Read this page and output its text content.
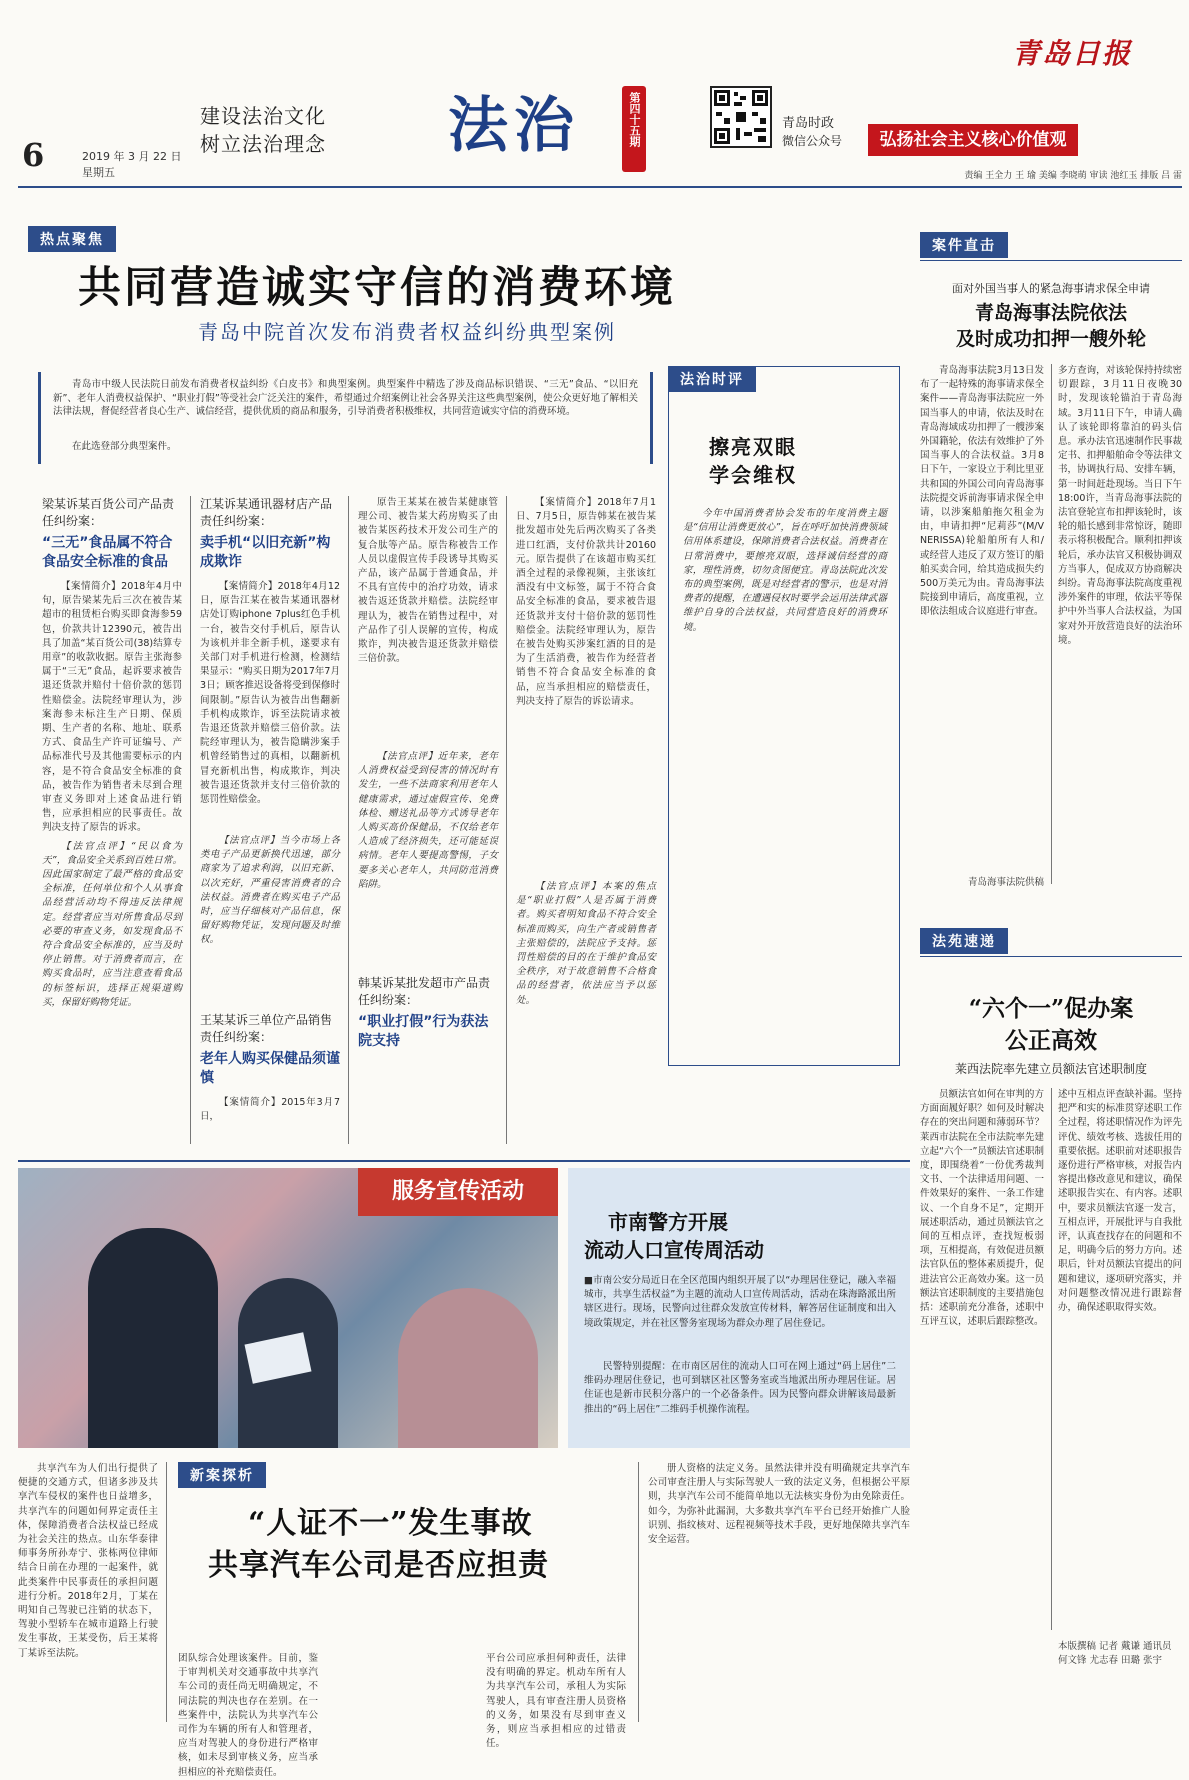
6	2019 年 3 月 22 日
星期五
建设法治文化
树立法治理念 法治	第四十五期	青岛时政
微信公众号	弘扬社会主义核心价值观
青岛日报
责编 王全力 王 瑜 美编 李晓萌 审读 池红玉 排版 吕 雷
热点聚焦
共同营造诚实守信的消费环境
青岛中院首次发布消费者权益纠纷典型案例
青岛市中级人民法院日前发布消费者权益纠纷《白皮书》和典型案例。典型案件中精选了涉及商品标识错误、“三无”食品、“以旧充新”、老年人消费权益保护、“职业打假”等受社会广泛关注的案件，希望通过介绍案例让社会各界关注这些典型案例，使公众更好地了解相关法律法规，督促经营者良心生产、诚信经营，提供优质的商品和服务，引导消费者积极维权，共同营造诚实守信的消费环境。
在此选登部分典型案件。
梁某诉某百货公司产品责任纠纷案：
“三无”食品属不符合食品安全标准的食品
【案情简介】2018年4月中旬，原告梁某先后三次在被告某超市的租赁柜台购买即食海参59包，价款共计12390元，被告出具了加盖“某百货公司(38)结算专用章”的收款收据。原告主张海参属于“三无”食品，起诉要求被告退还货款并赔付十倍价款的惩罚性赔偿金。法院经审理认为，涉案海参未标注生产日期、保质期、生产者的名称、地址、联系方式、食品生产许可证编号、产品标准代号及其他需要标示的内容，是不符合食品安全标准的食品，被告作为销售者未尽到合理审查义务即对上述食品进行销售，应承担相应的民事责任。故判决支持了原告的诉求。
【法官点评】“民以食为天”，食品安全关系到百姓日常。因此国家制定了最严格的食品安全标准，任何单位和个人从事食品经营活动均不得违反法律规定。经营者应当对所售食品尽到必要的审查义务，如发现食品不符合食品安全标准的，应当及时停止销售。对于消费者而言，在购买食品时，应当注意查看食品的标签标识，选择正规渠道购买，保留好购物凭证。
江某诉某通讯器材店产品责任纠纷案：
卖手机“以旧充新”构成欺诈
【案情简介】2018年4月12日，原告江某在被告某通讯器材店处订购iphone 7plus红色手机一台，被告交付手机后，原告认为该机并非全新手机，遂要求有关部门对手机进行检测，检测结果显示：“购买日期为2017年7月3日；顾客推迟设备将受到保修时间限制。”原告认为被告出售翻新手机构成欺诈，诉至法院请求被告退还货款并赔偿三倍价款。法院经审理认为，被告隐瞒涉案手机曾经销售过的真相，以翻新机冒充新机出售，构成欺诈，判决被告退还货款并支付三倍价款的惩罚性赔偿金。
【法官点评】当今市场上各类电子产品更新换代迅速，部分商家为了追求利润，以旧充新、以次充好，严重侵害消费者的合法权益。消费者在购买电子产品时，应当仔细核对产品信息，保留好购物凭证，发现问题及时维权。
王某某诉三单位产品销售责任纠纷案：
老年人购买保健品须谨慎
【案情简介】2015年3月7日，
原告王某某在被告某健康管理公司、被告某大药房购买了由被告某医药技术开发公司生产的复合肽等产品。原告称被告工作人员以虚假宣传手段诱导其购买产品，该产品属于普通食品，并不具有宣传中的治疗功效，请求被告返还货款并赔偿。法院经审理认为，被告在销售过程中，对产品作了引人误解的宣传，构成欺诈，判决被告退还货款并赔偿三倍价款。
【法官点评】近年来，老年人消费权益受到侵害的情况时有发生，一些不法商家利用老年人健康需求，通过虚假宣传、免费体检、赠送礼品等方式诱导老年人购买高价保健品，不仅给老年人造成了经济损失，还可能延误病情。老年人要提高警惕，子女要多关心老年人，共同防范消费陷阱。
韩某诉某批发超市产品责任纠纷案：
“职业打假”行为获法院支持
【案情简介】2018年7月1日、7月5日，原告韩某在被告某批发超市处先后两次购买了各类进口红酒，支付价款共计20160元。原告提供了在该超市购买红酒全过程的录像视频，主张该红酒没有中文标签，属于不符合食品安全标准的食品，要求被告退还货款并支付十倍价款的惩罚性赔偿金。法院经审理认为，原告在被告处购买涉案红酒的目的是为了生活消费，被告作为经营者销售不符合食品安全标准的食品，应当承担相应的赔偿责任，判决支持了原告的诉讼请求。
【法官点评】本案的焦点是“职业打假”人是否属于消费者。购买者明知食品不符合安全标准而购买，向生产者或销售者主张赔偿的，法院应予支持。惩罚性赔偿的目的在于维护食品安全秩序，对于故意销售不合格食品的经营者，依法应当予以惩处。
法治时评
擦亮双眼
学会维权
今年中国消费者协会发布的年度消费主题是“信用让消费更放心”，旨在呼吁加快消费领域信用体系建设，保障消费者合法权益。消费者在日常消费中，要擦亮双眼，选择诚信经营的商家，理性消费，切勿贪图便宜。青岛法院此次发布的典型案例，既是对经营者的警示，也是对消费者的提醒，在遭遇侵权时要学会运用法律武器维护自身的合法权益，共同营造良好的消费环境。
案件直击
面对外国当事人的紧急海事请求保全申请
青岛海事法院依法
及时成功扣押一艘外轮
青岛海事法院3月13日发布了一起特殊的海事请求保全案件——青岛海事法院应一外国当事人的申请，依法及时在青岛海域成功扣押了一艘涉案外国籍轮，依法有效维护了外国当事人的合法权益。3月8日下午，一家设立于利比里亚共和国的外国公司向青岛海事法院提交诉前海事请求保全申请，以涉案船舶拖欠租金为由，申请扣押“尼莉莎”(M/V NERISSA)轮船舶所有人和/或经营人违反了双方签订的船舶买卖合同，给其造成损失约500万美元为由。青岛海事法院接到申请后，高度重视，立即依法组成合议庭进行审查。
多方查询，对该轮保持持续密切跟踪，3月11日夜晚30时，发现该轮锚泊于青岛海域。3月11日下午，申请人确认了该轮即将靠泊的码头信息。承办法官迅速制作民事裁定书、扣押船舶命令等法律文书，协调执行局、安排车辆，第一时间赶赴现场。当日下午18:00许，当青岛海事法院的法官登轮宣布扣押该轮时，该轮的船长感到非常惊讶，随即表示将积极配合。顺利扣押该轮后，承办法官又积极协调双方当事人，促成双方协商解决纠纷。青岛海事法院高度重视涉外案件的审理，依法平等保护中外当事人合法权益，为国家对外开放营造良好的法治环境。
青岛海事法院供稿
法苑速递
“六个一”促办案
公正高效
莱西法院率先建立员额法官述职制度
员额法官如何在审判的方方面面履好职？如何及时解决存在的突出问题和薄弱环节？莱西市法院在全市法院率先建立起“六个一”员额法官述职制度，即围绕着“一份优秀裁判文书、一个法律适用问题、一件效果好的案件、一条工作建议、一个自身不足”，定期开展述职活动，通过员额法官之间的互相点评，查找短板弱项，互相提高，有效促进员额法官队伍的整体素质提升，促进法官公正高效办案。这一员额法官述职制度的主要措施包括：述职前充分准备，述职中互评互议，述职后跟踪整改。
述中互相点评查缺补漏。坚持把严和实的标准贯穿述职工作全过程，将述职情况作为评先评优、绩效考核、选拔任用的重要依据。述职前对述职报告逐份进行严格审核，对报告内容提出修改意见和建议，确保述职报告实在、有内容。述职中，要求员额法官逐一发言，互相点评，开展批评与自我批评，认真查找存在的问题和不足，明确今后的努力方向。述职后，针对员额法官提出的问题和建议，逐项研究落实，并对问题整改情况进行跟踪督办，确保述职取得实效。
本版撰稿 记者 戴谦 通讯员 何文锋 尤志春 田璐 张宇
服务宣传活动
市南警方开展
流动人口宣传周活动
■市南公安分局近日在全区范围内组织开展了以“办理居住登记，融入幸福城市，共享生活权益”为主题的流动人口宣传周活动，活动在珠海路派出所辖区进行。现场，民警向过往群众发放宣传材料，解答居住证制度和出入境政策规定，并在社区警务室现场为群众办理了居住登记。
民警特别提醒：在市南区居住的流动人口可在网上通过“码上居住”二维码办理居住登记，也可到辖区社区警务室或当地派出所办理居住证。居住证也是新市民积分落户的一个必备条件。因为民警向群众讲解该局最新推出的“码上居住”二维码手机操作流程。
共享汽车为人们出行提供了便捷的交通方式，但诸多涉及共享汽车侵权的案件也日益增多，共享汽车的问题如何界定责任主体，保障消费者合法权益已经成为社会关注的热点。山东华泰律师事务所孙寿宁、张栋两位律师结合日前在办理的一起案件，就此类案件中民事责任的承担问题进行分析。2018年2月，丁某在明知自己驾驶已注销的状态下，驾驶小型轿车在城市道路上行驶发生事故，王某受伤，后王某将丁某诉至法院。
新案探析
“人证不一”发生事故
共享汽车公司是否应担责
团队综合处理该案件。目前，鉴于审判机关对交通事故中共享汽车公司的责任尚无明确规定，不同法院的判决也存在差别。在一些案件中，法院认为共享汽车公司作为车辆的所有人和管理者，应当对驾驶人的身份进行严格审核，如未尽到审核义务，应当承担相应的补充赔偿责任。
平台公司应承担何种责任，法律没有明确的界定。机动车所有人为共享汽车公司，承租人为实际驾驶人，具有审查注册人员资格的义务，如果没有尽到审查义务，则应当承担相应的过错责任。
册人资格的法定义务。虽然法律并没有明确规定共享汽车公司审查注册人与实际驾驶人一致的法定义务，但根据公平原则，共享汽车公司不能简单地以无法核实身份为由免除责任。如今，为弥补此漏洞，大多数共享汽车平台已经开始推广人脸识别、指纹核对、远程视频等技术手段，更好地保障共享汽车安全运营。
